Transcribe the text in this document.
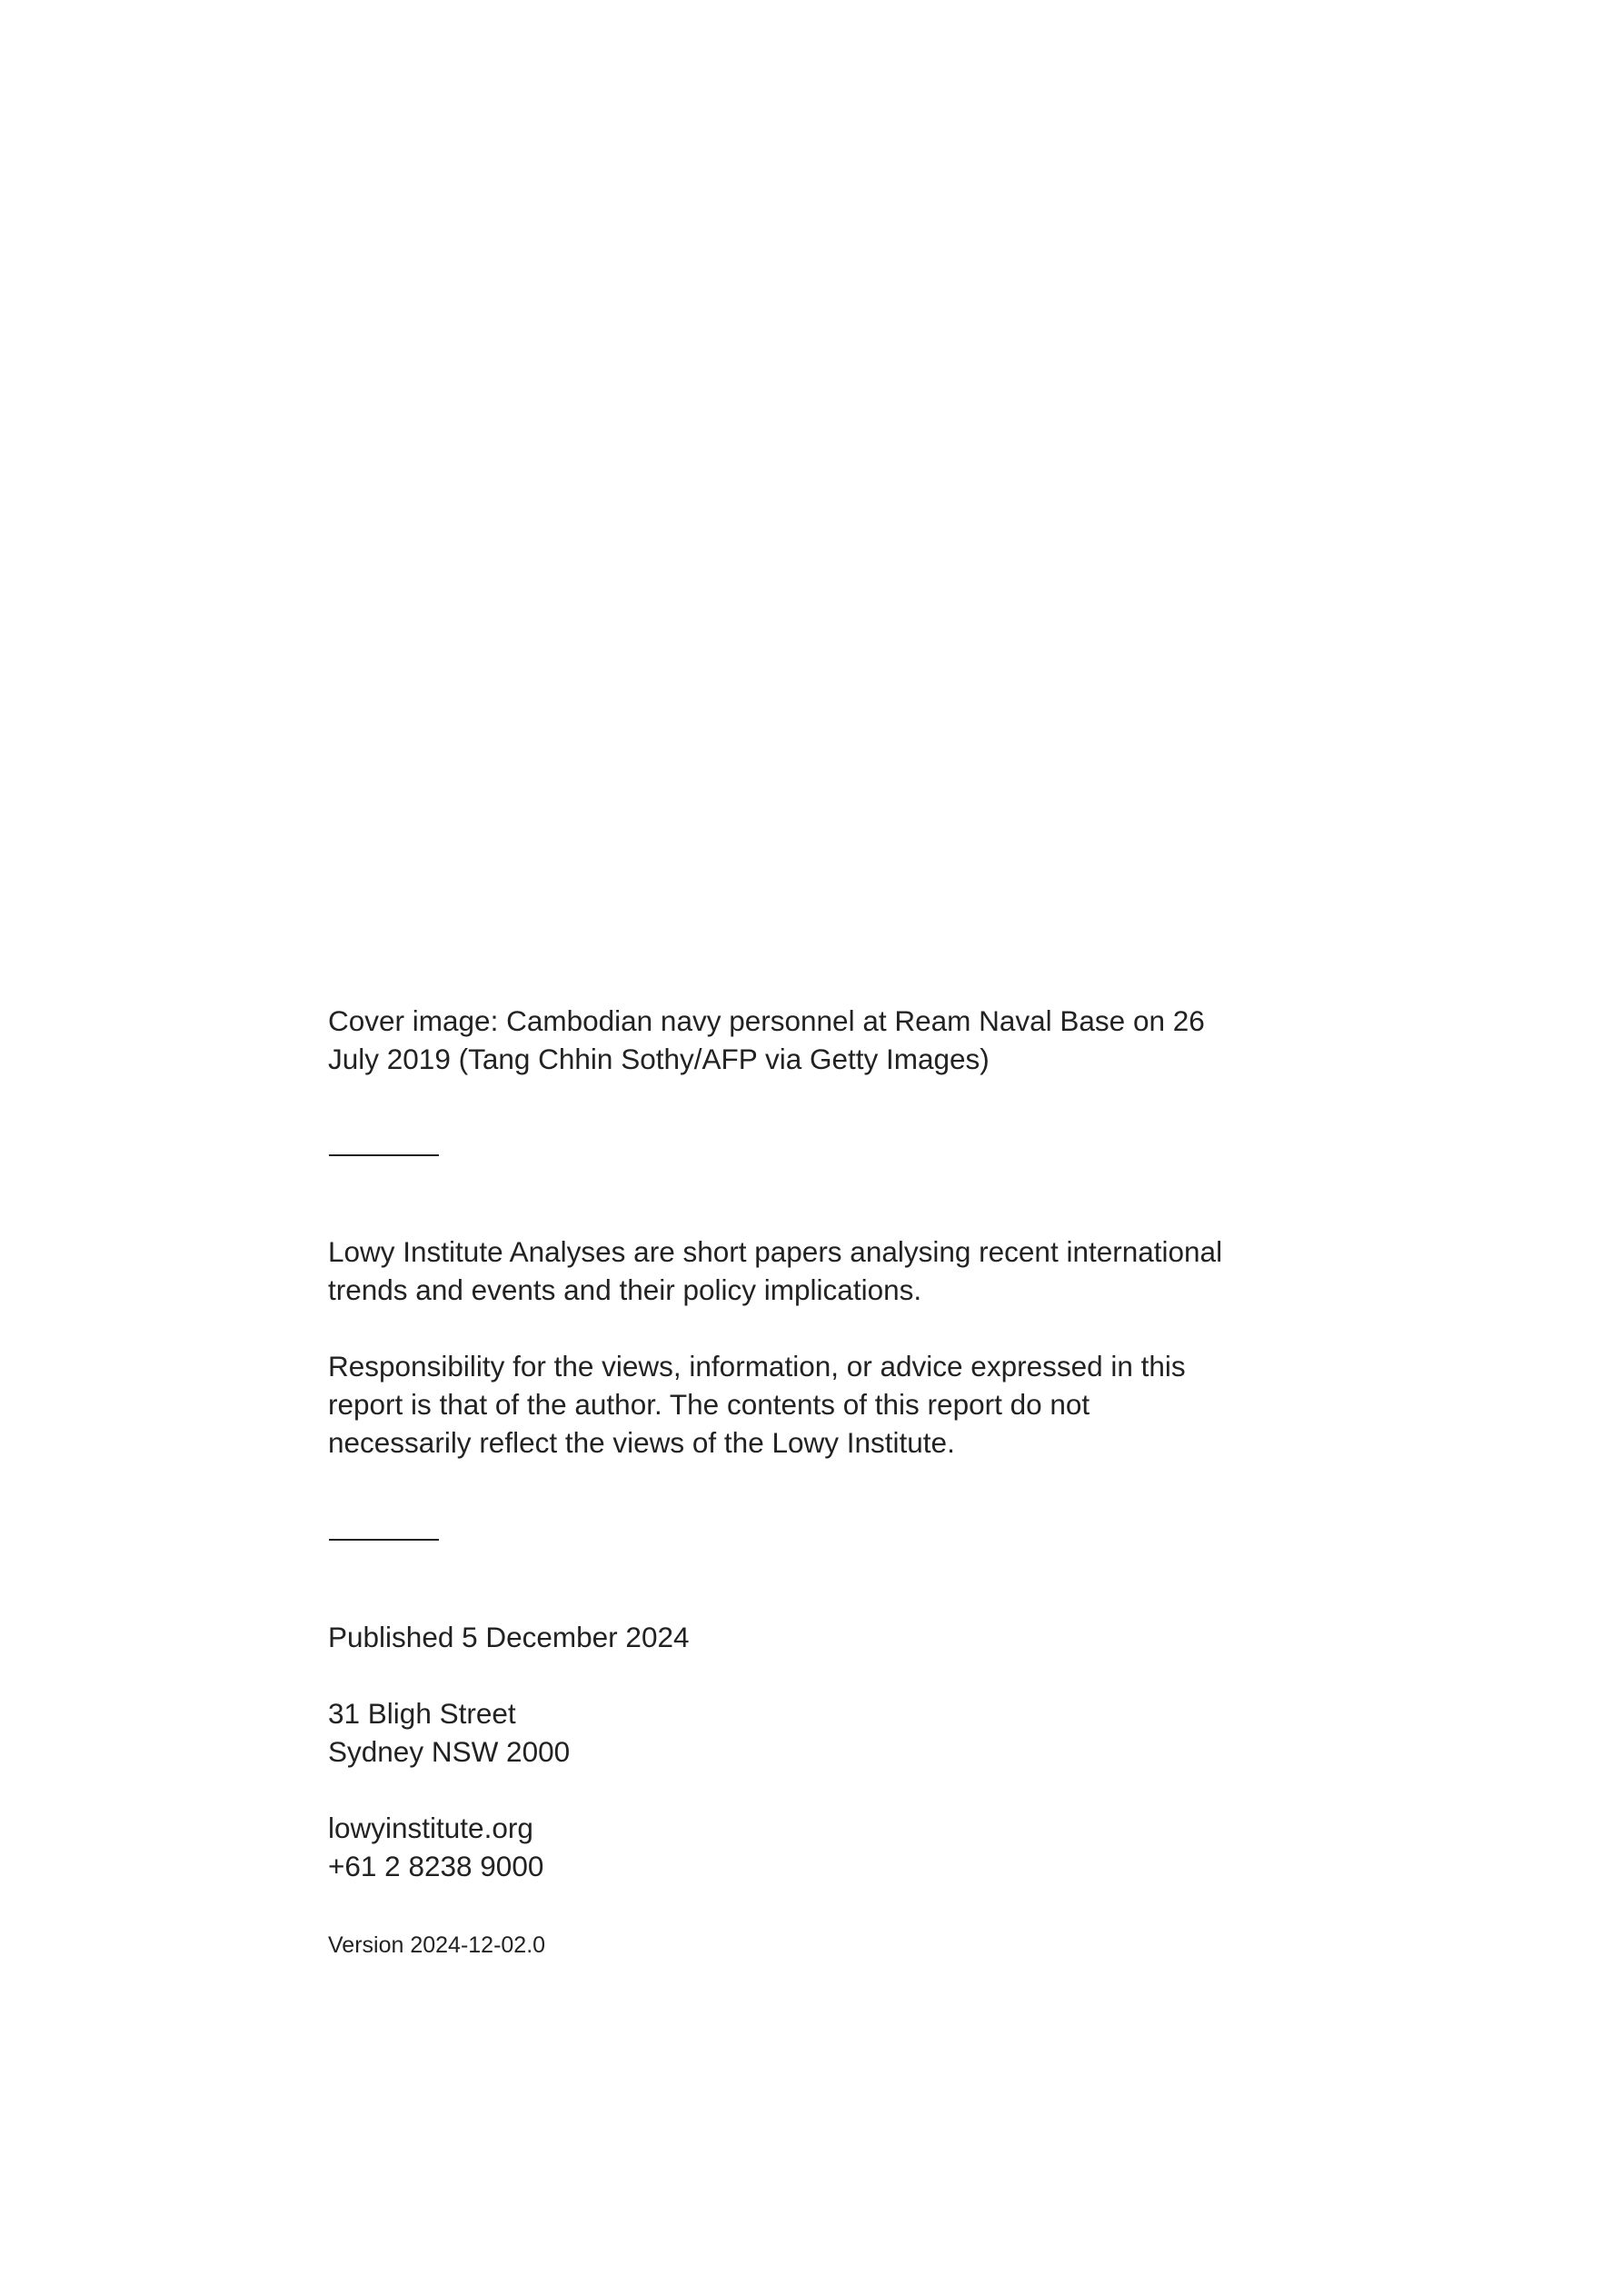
Cover image: Cambodian navy personnel at Ream Naval Base on 26
July 2019 (Tang Chhin Sothy/AFP via Getty Images)
Lowy Institute Analyses are short papers analysing recent international
trends and events and their policy implications.
Responsibility for the views, information, or advice expressed in this
report is that of the author. The contents of this report do not
necessarily reflect the views of the Lowy Institute.
Published 5 December 2024
31 Bligh Street
Sydney NSW 2000
lowyinstitute.org
+61 2 8238 9000
Version 2024-12-02.0
